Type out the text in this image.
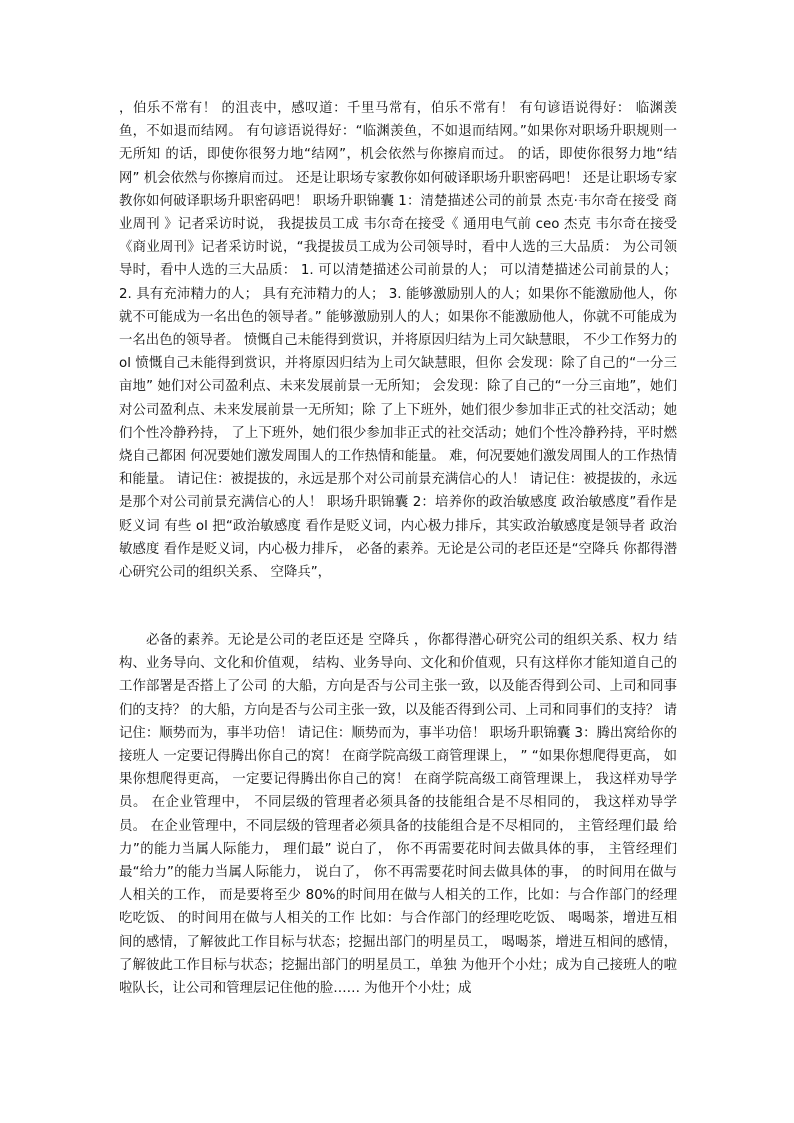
，伯乐不常有！ 的沮丧中，感叹道：千里马常有，伯乐不常有！ 有句谚语说得好： 临渊羡鱼，不如退而结网。 有句谚语说得好：“临渊羡鱼，不如退而结网。”如果你对职场升职规则一无所知 的话，即使你很努力地“结网”，机会依然与你擦肩而过。 的话，即使你很努力地“结网” 机会依然与你擦肩而过。 还是让职场专家教你如何破译职场升职密码吧！ 还是让职场专家教你如何破译职场升职密码吧！ 职场升职锦囊 1：清楚描述公司的前景 杰克·韦尔奇在接受 商业周刊 》记者采访时说， 我提拔员工成 韦尔奇在接受《 通用电气前 ceo 杰克 韦尔奇在接受《商业周刊》记者采访时说，“我提拔员工成为公司领导时，看中人选的三大品质： 为公司领导时，看中人选的三大品质： 1. 可以清楚描述公司前景的人； 可以清楚描述公司前景的人； 2. 具有充沛精力的人； 具有充沛精力的人； 3. 能够激励别人的人；如果你不能激励他人，你就不可能成为一名出色的领导者。” 能够激励别人的人；如果你不能激励他人，你就不可能成为一名出色的领导者。 愤慨自己未能得到赏识，并将原因归结为上司欠缺慧眼， 不少工作努力的 ol 愤慨自己未能得到赏识，并将原因归结为上司欠缺慧眼，但你 会发现：除了自己的“一分三亩地” 她们对公司盈利点、未来发展前景一无所知； 会发现：除了自己的“一分三亩地”，她们对公司盈利点、未来发展前景一无所知；除 了上下班外，她们很少参加非正式的社交活动；她们个性冷静矜持， 了上下班外，她们很少参加非正式的社交活动；她们个性冷静矜持，平时燃烧自己都困 何况要她们激发周围人的工作热情和能量。 难，何况要她们激发周围人的工作热情和能量。 请记住：被提拔的，永远是那个对公司前景充满信心的人！ 请记住：被提拔的，永远是那个对公司前景充满信心的人！ 职场升职锦囊 2：培养你的政治敏感度 政治敏感度”看作是贬义词 有些 ol 把“政治敏感度 看作是贬义词，内心极力排斥，其实政治敏感度是领导者 政治敏感度 看作是贬义词，内心极力排斥， 必备的素养。无论是公司的老臣还是“空降兵 你都得潜心研究公司的组织关系、 空降兵”，

必备的素养。无论是公司的老臣还是 空降兵 ，你都得潜心研究公司的组织关系、权力 结构、业务导向、文化和价值观， 结构、业务导向、文化和价值观，只有这样你才能知道自己的工作部署是否搭上了公司 的大船，方向是否与公司主张一致，以及能否得到公司、上司和同事们的支持？ 的大船，方向是否与公司主张一致，以及能否得到公司、上司和同事们的支持？ 请记住：顺势而为，事半功倍！ 请记住：顺势而为，事半功倍！ 职场升职锦囊 3：腾出窝给你的接班人 一定要记得腾出你自己的窝！ 在商学院高级工商管理课上， ” “如果你想爬得更高， 如果你想爬得更高， 一定要记得腾出你自己的窝！ 在商学院高级工商管理课上， 我这样劝导学员。 在企业管理中， 不同层级的管理者必须具备的技能组合是不尽相同的， 我这样劝导学员。 在企业管理中，不同层级的管理者必须具备的技能组合是不尽相同的， 主管经理们最 给力”的能力当属人际能力， 理们最” 说白了， 你不再需要花时间去做具体的事， 主管经理们最“给力”的能力当属人际能力， 说白了， 你不再需要花时间去做具体的事， 的时间用在做与人相关的工作， 而是要将至少 80%的时间用在做与人相关的工作，比如：与合作部门的经理吃吃饭、 的时间用在做与人相关的工作 比如：与合作部门的经理吃吃饭、 喝喝茶，增进互相间的感情，了解彼此工作目标与状态；挖掘出部门的明星员工， 喝喝茶，增进互相间的感情，了解彼此工作目标与状态；挖掘出部门的明星员工，单独 为他开个小灶；成为自己接班人的啦啦队长，让公司和管理层记住他的脸…… 为他开个小灶；成
